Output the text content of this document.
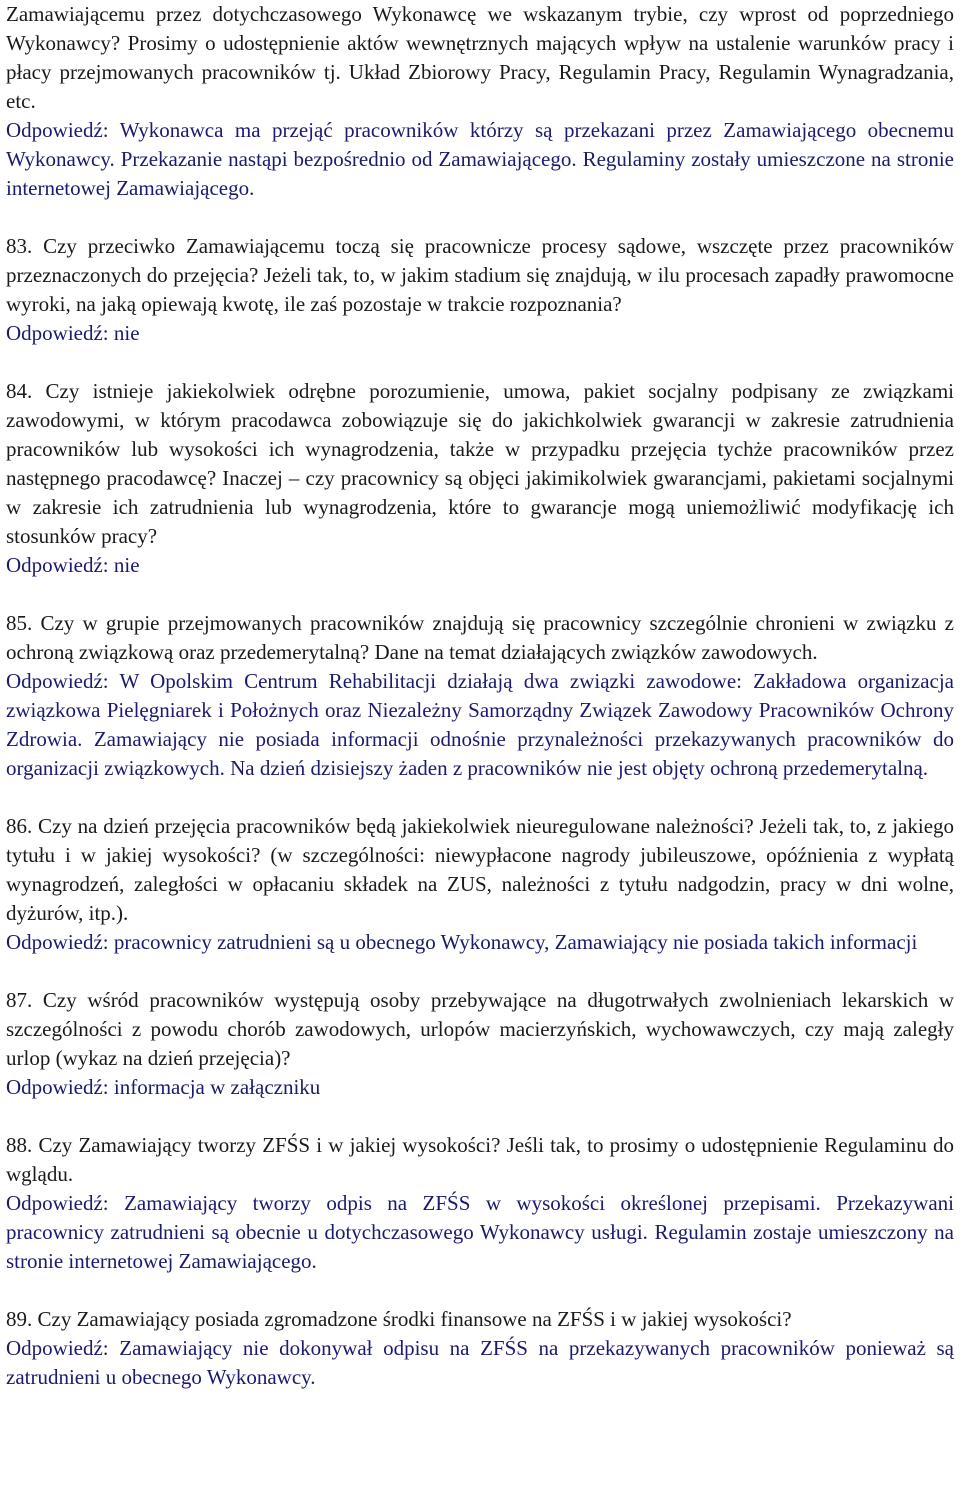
Zamawiającemu przez dotychczasowego Wykonawcę we wskazanym trybie, czy wprost od poprzedniego Wykonawcy? Prosimy o udostępnienie aktów wewnętrznych mających wpływ na ustalenie warunków pracy i płacy przejmowanych pracowników tj. Układ Zbiorowy Pracy, Regulamin Pracy, Regulamin Wynagradzania, etc.

Odpowiedź: Wykonawca ma przejąć pracowników którzy są przekazani przez Zamawiającego obecnemu Wykonawcy. Przekazanie nastąpi bezpośrednio od Zamawiającego. Regulaminy zostały umieszczone na stronie internetowej Zamawiającego.

83. Czy przeciwko Zamawiającemu toczą się pracownicze procesy sądowe, wszczęte przez pracowników przeznaczonych do przejęcia? Jeżeli tak, to, w jakim stadium się znajdują, w ilu procesach zapadły prawomocne wyroki, na jaką opiewają kwotę, ile zaś pozostaje w trakcie rozpoznania?

Odpowiedź: nie

84. Czy istnieje jakiekolwiek odrębne porozumienie, umowa, pakiet socjalny podpisany ze związkami zawodowymi, w którym pracodawca zobowiązuje się do jakichkolwiek gwarancji w zakresie zatrudnienia pracowników lub wysokości ich wynagrodzenia, także w przypadku przejęcia tychże pracowników przez następnego pracodawcę? Inaczej – czy pracownicy są objęci jakimikolwiek gwarancjami, pakietami socjalnymi w zakresie ich zatrudnienia lub wynagrodzenia, które to gwarancje mogą uniemożliwić modyfikację ich stosunków pracy?

Odpowiedź: nie

85. Czy w grupie przejmowanych pracowników znajdują się pracownicy szczególnie chronieni w związku z ochroną związkową oraz przedemerytalną? Dane na temat działających związków zawodowych.

Odpowiedź: W Opolskim Centrum Rehabilitacji działają dwa związki zawodowe: Zakładowa organizacja związkowa Pielęgniarek i Położnych oraz Niezależny Samorządny Związek Zawodowy Pracowników Ochrony Zdrowia. Zamawiający nie posiada informacji odnośnie przynależności przekazywanych pracowników do organizacji związkowych. Na dzień dzisiejszy żaden z pracowników nie jest objęty ochroną przedemerytalną.

86. Czy na dzień przejęcia pracowników będą jakiekolwiek nieuregulowane należności? Jeżeli tak, to, z jakiego tytułu i w jakiej wysokości? (w szczególności: niewypłacone nagrody jubileuszowe, opóźnienia z wypłatą wynagrodzeń, zaległości w opłacaniu składek na ZUS, należności z tytułu nadgodzin, pracy w dni wolne, dyżurów, itp.).

Odpowiedź: pracownicy zatrudnieni są u obecnego Wykonawcy, Zamawiający nie posiada takich informacji

87. Czy wśród pracowników występują osoby przebywające na długotrwałych zwolnieniach lekarskich w szczególności z powodu chorób zawodowych, urlopów macierzyńskich, wychowawczych, czy mają zaległy urlop (wykaz na dzień przejęcia)?

Odpowiedź: informacja w załączniku

88. Czy Zamawiający tworzy ZFŚS i w jakiej wysokości? Jeśli tak, to prosimy o udostępnienie Regulaminu do wglądu.

Odpowiedź: Zamawiający tworzy odpis na ZFŚS w wysokości określonej przepisami. Przekazywani pracownicy zatrudnieni są obecnie u dotychczasowego Wykonawcy usługi. Regulamin zostaje umieszczony na stronie internetowej Zamawiającego.

89. Czy Zamawiający posiada zgromadzone środki finansowe na ZFŚS i w jakiej wysokości?

Odpowiedź: Zamawiający nie dokonywał odpisu na ZFŚS na przekazywanych pracowników ponieważ są zatrudnieni u obecnego Wykonawcy.
